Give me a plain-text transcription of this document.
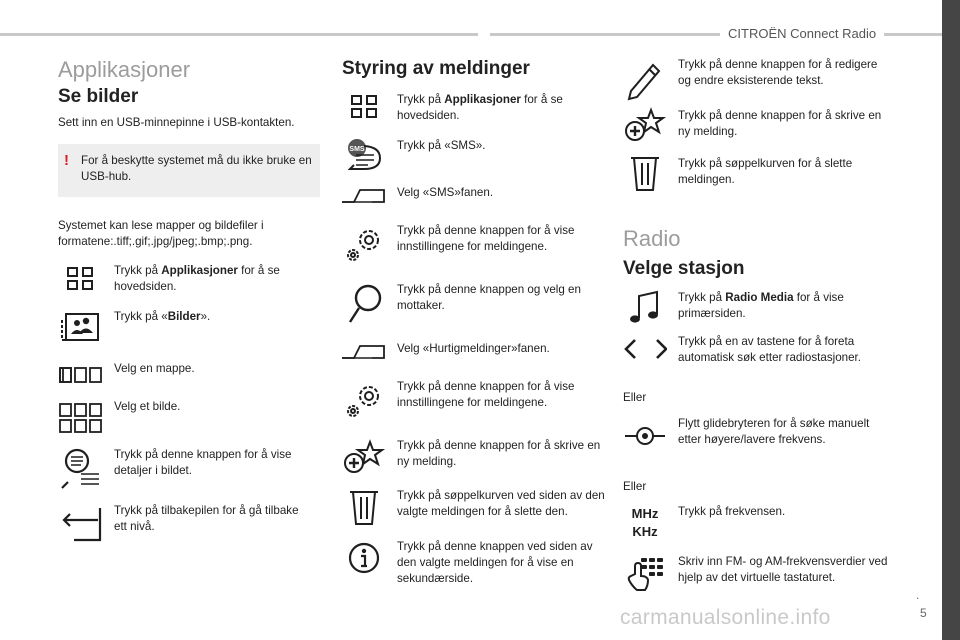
CITROËN Connect Radio
.
5
carmanualsonline.info
Applikasjoner
Se bilder
Sett inn en USB-minnepinne i USB-kontakten.
! For å beskytte systemet må du ikke bruke en USB-hub.
Systemet kan lese mapper og bildefiler i formatene:.tiff;.gif;.jpg/jpeg;.bmp;.png.
Trykk på Applikasjoner for å se hovedsiden.
Trykk på «Bilder».
Velg en mappe.
Velg et bilde.
Trykk på denne knappen for å vise detaljer i bildet.
Trykk på tilbakepilen for å gå tilbake ett nivå.
Styring av meldinger
Trykk på Applikasjoner for å se hovedsiden.
SMS	Trykk på «SMS».
Velg «SMS»fanen.
Trykk på denne knappen for å vise innstillingene for meldingene.
Trykk på denne knappen og velg en mottaker.
Velg «Hurtigmeldinger»fanen.
Trykk på denne knappen for å vise innstillingene for meldingene.
Trykk på denne knappen for å skrive en ny melding.
Trykk på søppelkurven ved siden av den valgte meldingen for å slette den.
Trykk på denne knappen ved siden av den valgte meldingen for å vise en sekundærside.
Trykk på denne knappen for å redigere og endre eksisterende tekst.
Trykk på denne knappen for å skrive en ny melding.
Trykk på søppelkurven for å slette meldingen.
Radio
Velge stasjon
Trykk på Radio Media for å vise primærsiden.
Trykk på en av tastene for å foreta automatisk søk etter radiostasjoner.
Eller
Flytt glidebryteren for å søke manuelt etter høyere/lavere frekvens.
Eller
MHz
KHz
Trykk på frekvensen.
Skriv inn FM- og AM-frekvensverdier ved hjelp av det virtuelle tastaturet.
